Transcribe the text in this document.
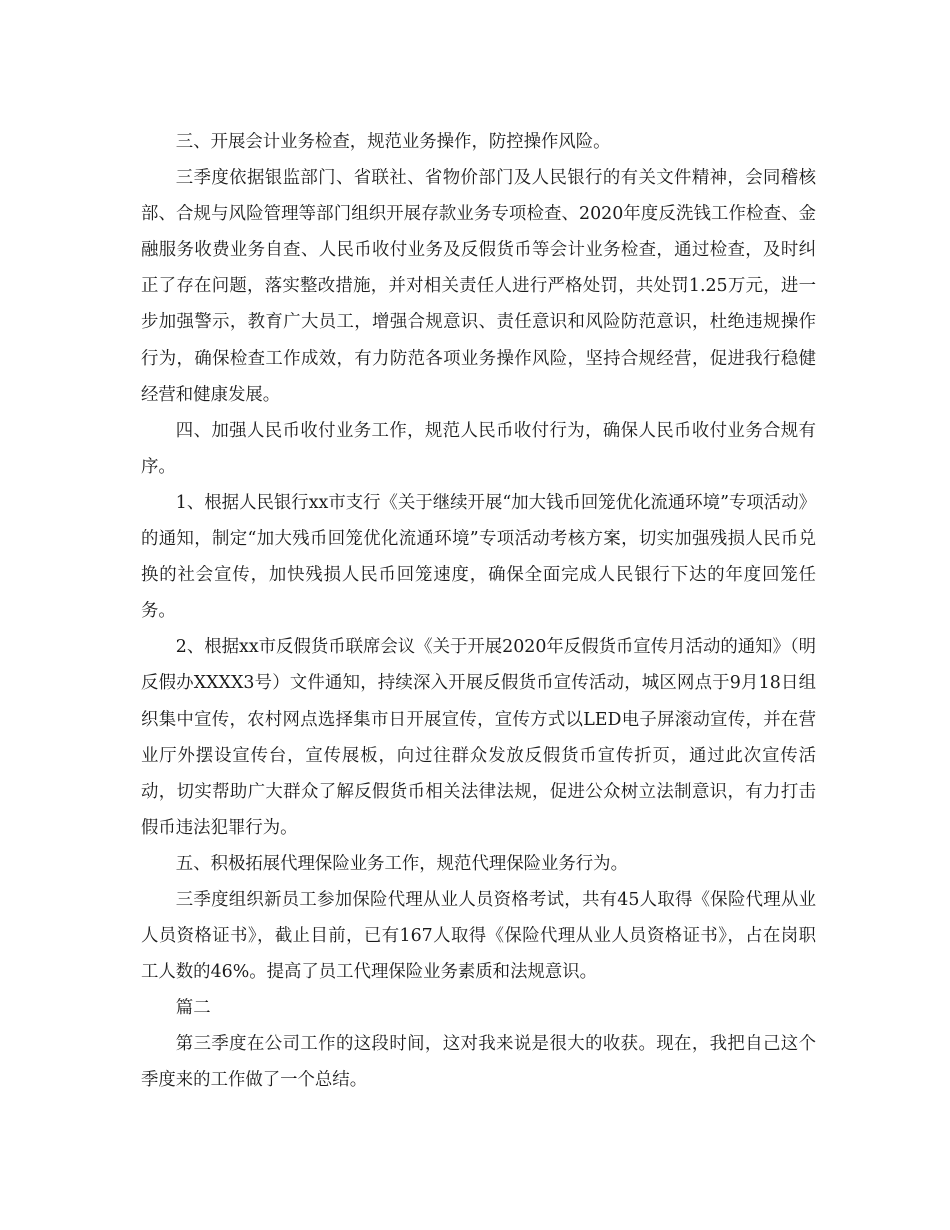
三、开展会计业务检查，规范业务操作，防控操作风险。

三季度依据银监部门、省联社、省物价部门及人民银行的有关文件精神，会同稽核部、合规与风险管理等部门组织开展存款业务专项检查、2020年度反洗钱工作检查、金融服务收费业务自查、人民币收付业务及反假货币等会计业务检查，通过检查，及时纠正了存在问题，落实整改措施，并对相关责任人进行严格处罚，共处罚1.25万元，进一步加强警示，教育广大员工，增强合规意识、责任意识和风险防范意识，杜绝违规操作行为，确保检查工作成效，有力防范各项业务操作风险，坚持合规经营，促进我行稳健经营和健康发展。

四、加强人民币收付业务工作，规范人民币收付行为，确保人民币收付业务合规有序。

1、根据人民银行xx市支行《关于继续开展“加大钱币回笼优化流通环境”专项活动》的通知，制定“加大残币回笼优化流通环境”专项活动考核方案，切实加强残损人民币兑换的社会宣传，加快残损人民币回笼速度，确保全面完成人民银行下达的年度回笼任务。

2、根据xx市反假货币联席会议《关于开展2020年反假货币宣传月活动的通知》（明反假办XXXX3号）文件通知，持续深入开展反假货币宣传活动，城区网点于9月18日组织集中宣传，农村网点选择集市日开展宣传，宣传方式以LED电子屏滚动宣传，并在营业厅外摆设宣传台，宣传展板，向过往群众发放反假货币宣传折页，通过此次宣传活动，切实帮助广大群众了解反假货币相关法律法规，促进公众树立法制意识，有力打击假币违法犯罪行为。

五、积极拓展代理保险业务工作，规范代理保险业务行为。

三季度组织新员工参加保险代理从业人员资格考试，共有45人取得《保险代理从业人员资格证书》，截止目前，已有167人取得《保险代理从业人员资格证书》，占在岗职工人数的46%。提高了员工代理保险业务素质和法规意识。

篇二

第三季度在公司工作的这段时间，这对我来说是很大的收获。现在，我把自己这个季度来的工作做了一个总结。
